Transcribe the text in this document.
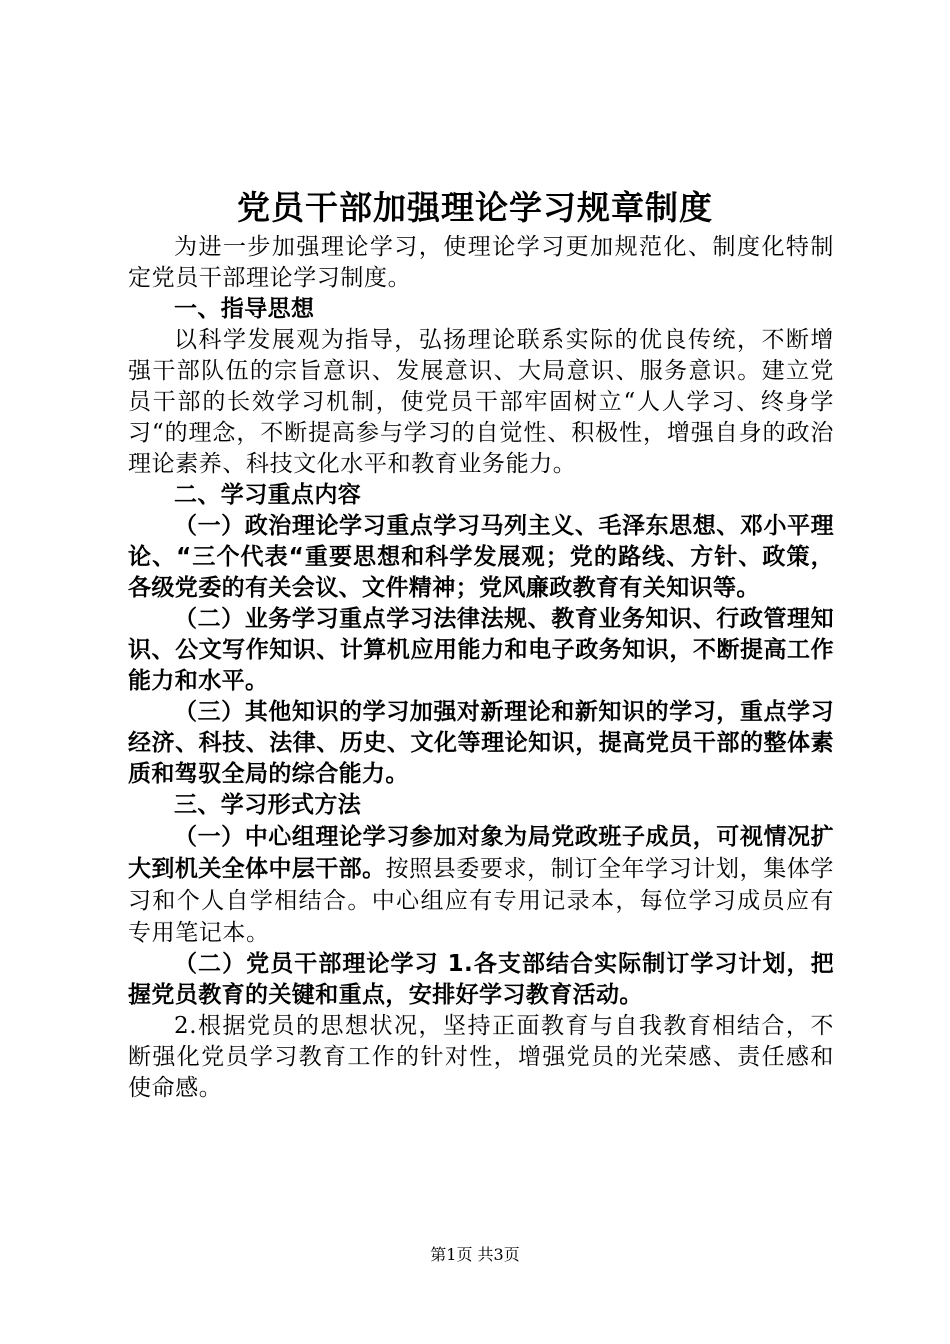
党员干部加强理论学习规章制度

为进一步加强理论学习，使理论学习更加规范化、制度化特制定党员干部理论学习制度。

一、指导思想

以科学发展观为指导，弘扬理论联系实际的优良传统，不断增强干部队伍的宗旨意识、发展意识、大局意识、服务意识。建立党员干部的长效学习机制，使党员干部牢固树立“人人学习、终身学习“的理念，不断提高参与学习的自觉性、积极性，增强自身的政治理论素养、科技文化水平和教育业务能力。

二、学习重点内容

（一）政治理论学习重点学习马列主义、毛泽东思想、邓小平理论、“三个代表“重要思想和科学发展观；党的路线、方针、政策，各级党委的有关会议、文件精神；党风廉政教育有关知识等。

（二）业务学习重点学习法律法规、教育业务知识、行政管理知识、公文写作知识、计算机应用能力和电子政务知识，不断提高工作能力和水平。

（三）其他知识的学习加强对新理论和新知识的学习，重点学习经济、科技、法律、历史、文化等理论知识，提高党员干部的整体素质和驾驭全局的综合能力。

三、学习形式方法

（一）中心组理论学习参加对象为局党政班子成员，可视情况扩大到机关全体中层干部。按照县委要求，制订全年学习计划，集体学习和个人自学相结合。中心组应有专用记录本，每位学习成员应有专用笔记本。

（二）党员干部理论学习 1.各支部结合实际制订学习计划，把握党员教育的关键和重点，安排好学习教育活动。

2.根据党员的思想状况，坚持正面教育与自我教育相结合，不断强化党员学习教育工作的针对性，增强党员的光荣感、责任感和使命感。

第1页 共3页
